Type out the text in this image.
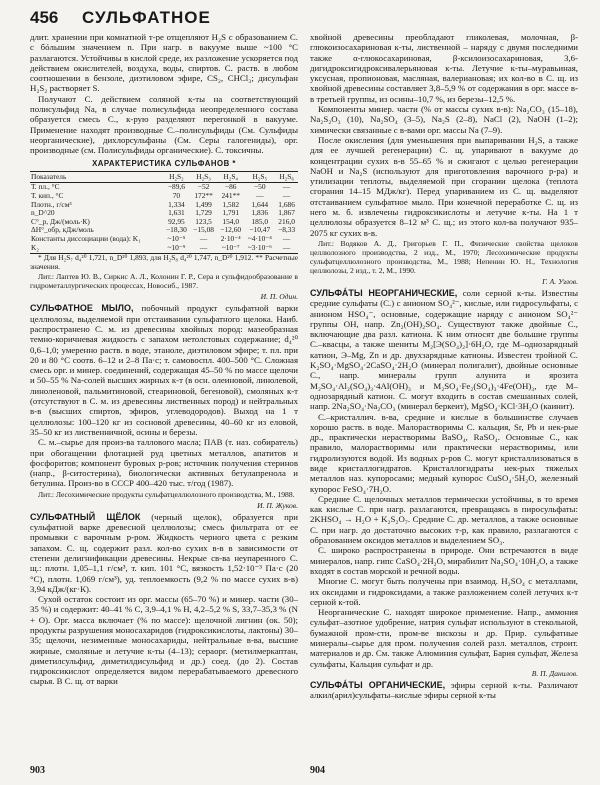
456 СУЛЬФАТНОЕ

длит. хранении при комнатной т-ре отщепляют H₂S с образованием С. с бóльшим значением n. При нагр. в вакууме выше ~100 °С разлагаются. Устойчивы в кислой среде, их разложение ускоряется под действием окислителей, воздуха, воды, спиртов. С. раств. в любом соотношении в бензоле, диэтиловом эфире, CS₂, CHCl₃; дисульфан H₂S₂ растворяет S.

Получают С. действием соляной к-ты на соответствующий полисульфид Na, в случае полисульфида неопределенного состава образуется смесь С., к-рую разделяют перегонкой в вакууме. Применение находят производные С.–полисульфиды (См. Сульфиды неорганические), дихлорсульфаны (См. Серы галогениды), орг. производные (см. Полисульфиды органические). С. токсичны.

ХАРАКТЕРИСТИКА СУЛЬФАНОВ *
Показатель	H₂S₂	H₂S₃	H₂S₄	H₂S₅	H₂S₆
Т. пл., °С	−89,6	−52	−86	−50	—
Т. кип., °С	70	172**	241**	—	—
Плотн., г/см³	1,334	1,499	1,582	1,644	1,686
n_D^20	1,631	1,729	1,791	1,836	1,867
C°_p, Дж/(моль·К)	92,95	123,5	154,0	185,0	216,0
ΔH°_обр, кДж/моль	−18,30	−15,08	−12,60	−10,47	−8,33
Константы диссоциации (вода): K₁	~10⁻⁵	—	2·10⁻⁴	~4·10⁻⁴	—
K₂	~10⁻⁹	—	~10⁻⁷	~3·10⁻⁶	—

* Для H₂S₇ d₄²⁰ 1,721, n_D²⁰ 1,893, для H₂S₈ d₄²⁰ 1,747, n_D²⁰ 1,912. ** Расчетные значения.

Лит.: Лаптев Ю. В., Сиркис А. Л., Колонин Г. Р., Сера и сульфидообразование в гидрометаллургических процессах, Новосиб., 1987.

И. П. Один.

СУЛЬФАТНОЕ МЫЛО, побочный продукт сульфатной варки целлюлозы, выделяемой при отстаивании сульфатного щелока. Наиб. распространено С. м. из древесины хвойных пород: мазеобразная темно-коричневая жидкость с запахом нетолстовых содержание; d₄²⁰ 0,6–1,0; умеренно раств. в воде, этаноле, диэтиловом эфире; т. пл. при 20 и 80 °С соотв. 6–12 и 2–8 Па·с; т. самовоспл. 400–500 °С. Сложная смесь орг. и минер. соединений, содержащая 45–50 % по массе щелочи и 50–55 % Na-солей высших жирных к-т (в осн. олеиновой, линолевой, линоленовой, пальмитиновой, стеариновой, бегеновой), смоляных к-т (отсутствуют в С. м. из древесины лиственных пород) и нейтральных в-в (высших спиртов, эфиров, углеводородов). Выход на 1 т целлюлозы: 100–120 кг из сосновой древесины, 40–60 кг из еловой, 35–50 кг из лиственничной, осины и березы.

С. м.–сырье для произ-ва таллового масла; ПАВ (т. наз. собиратель) при обогащении флотацией руд цветных металлов, апатитов и фосфоритов; компонент буровых р-ров; источник получения стеринов (напр., β-ситостерина), биологически активных бетулапренола и бетулина. Произ-во в СССР 400–420 тыс. т/год (1987).

Лит.: Лесохимические продукты сульфатцеллюлозного производства, М., 1988.

И. П. Жуков.

СУЛЬФАТНЫЙ ЩЁЛОК (черный щелок), образуется при сульфатной варке древесной целлюлозы; смесь фильтрата от ее промывки с варочным р-ром. Жидкость черного цвета с резким запахом. С. щ. содержит разл. кол-во сухих в-в в зависимости от степени делигнификации древесины. Некрые св-ва неупаренного С. щ.: плотн. 1,05–1,1 г/см³, т. кип. 101 °С, вязкость 1,52·10⁻³ Па·с (20 °С), плотн. 1,069 г/см³), уд. теплоемкость (9,2 % по массе сухих в-в) 3,94 кДж/(кг·К).

Сухой остаток состоит из орг. массы (65–70 %) и минер. части (30–35 %) и содержит: 40–41 % С, 3,9–4,1 % H, 4,2–5,2 % S, 33,7–35,3 % (N + O). Орг. масса включает (% по массе): щелочной лигнин (ок. 50); продукты разрушения моносахаридов (гидроксикислоты, лактоны) 30–35; щелочи, незименные моносахариды, нейтральные в-ва, высшие жирные, смоляные и летучие к-ты (4–13); сераорг. (метилмеркаптан, диметилсульфид, диметилдисульфид и др.) соед. (до 2). Состав гидроксикислот определяется видом перерабатываемого древесного сырья. В С. щ. от варки

хвойной древесины преобладают гликолевая, молочная, β-глюкоизосахариновая к-ты, лиственной – наряду с двумя последними также α-глюкосахариновая, β-ксилоизосахариновая, 3,6-дигидроксигидроксивалерьяновая к-ты. Летучие к-ты–муравьиная, уксусная, пропионовая, масляная, валериановая; их кол-во в С. щ. из хвойной древесины составляет 3,8–5,9 % от содержания в орг. массе в-в третьей группы, из осины–10,7 %, из березы–12,5 %.

Компоненты минер. части (% от массы сухих в-в): Na₂CO₃ (15–18), Na₂S₂O₃ (10), Na₂SO₄ (3–5), Na₂S (2–8), NaCl (2), NaOH (1–2); химически связанные с в-вами орг. массы Na (7–9).

После окисления (для уменьшения при выпаривании H₂S, а также для ее лучшей регенерации) С. щ. упаривают в вакууме до концентрации сухих в-в 55–65 % и сжигают с целью регенерации NaOH и Na₂S (используют для приготовления варочного р-ра) и утилизации теплоты, выделяемой при сгорании щелока (теплота сгорания 14–15 МДж/кг). Перед упариванием из С. щ. выделяют отстаиванием сульфатное мыло. При конечной переработке С. щ. из него м. б. извлечены гидроксикислоты и летучие к-ты. На 1 т целлюлозы образуется 8–12 м³ С. щ.; из этого кол-ва получают 935–2075 кг сухих в-в.

Лит.: Водяков А. Д., Григорьев Г. П., Физические свойства щелоков целлюлозного производства, 2 изд., М., 1970; Лесохимические продукты сульфатцеллюлозного производства, М., 1988; Непенин Ю. Н., Технология целлюлозы, 2 изд., т. 2, М., 1990.

Г. А. Узлов.

СУЛЬФА́ТЫ НЕОРГАНИЧЕСКИЕ, соли серной к-ты. Известны средние сульфаты (С.) с анионом SO₄²⁻, кислые, или гидросульфаты, с анионом HSO₄⁻, основные, содержащие наряду с анионом SO₄²⁻ группы OH, напр. Zn₂(OH)₂SO₄. Существуют также двойные С., включающие два разл. катиона. К ним относят две большие группы С.–квасцы, а также шениты M₂[Э(SO₄)₂]·6H₂O, где M–однозарядный катион, Э–Mg, Zn и др. двухзарядные катионы. Известен тройной С. K₂SO₄·MgSO₄·2CaSO₄·2H₂O (минерал полигалит), двойные основные С., напр. минералы групп алунита и ярозита M₂SO₄·Al₂(SO₄)₃·4Al(OH)₃ и M₂SO₄·Fe₂(SO₄)₃·4Fe(OH)₃, где M–однозарядный катион. С. могут входить в состав смешанных солей, напр. 2Na₂SO₄·Na₂CO₃ (минерал беркеит), MgSO₄·KCl·3H₂O (каинит).

С.–кристаллич. в-ва, средние и кислые в большинстве случаев хорошо раств. в воде. Малорастворимы С. кальция, Sr, Pb и нек-рые др., практически нерастворимы BaSO₄, RaSO₄. Основные С., как правило, малорастворимы или практически нерастворимы, или гидролизуются водой. Из водных р-ров С. могут кристаллизоваться в виде кристаллогидратов. Кристаллогидраты нек-рых тяжелых металлов наз. купоросами; медный купорос CuSO₄·5H₂O, железный купорос FeSO₄·7H₂O.

Средние С. щелочных металлов термически устойчивы, в то время как кислые С. при нагр. разлагаются, превращаясь в пиросульфаты: 2KHSO₄ → H₂O + K₂S₂O₇. Средние С. др. металлов, а также основные С. при нагр. до достаточно высоких т-р, как правило, разлагаются с образованием оксидов металлов и выделением SO₃.

С. широко распространены в природе. Они встречаются в виде минералов, напр. гипс CaSO₄·2H₂O, мирабилит Na₂SO₄·10H₂O, а также входят в состав морской и речной воды.

Многие С. могут быть получены при взаимод. H₂SO₄ с металлами, их оксидами и гидроксидами, а также разложением солей летучих к-т серной к-той.

Неорганические С. находят широкое применение. Напр., аммония сульфат–азотное удобрение, натрия сульфат используют в стекольной, бумажной пром-сти, пром-ве вискозы и др. Прир. сульфатные минералы–сырье для пром. получения солей разл. металлов, строит. материалов и др. См. также Алюминия сульфат, Бария сульфат, Железа сульфаты, Кальция сульфат и др.

В. П. Данилов.

СУЛЬФА́ТЫ ОРГАНИЧЕСКИЕ, эфиры серной к-ты. Различают алкил(арил)сульфаты–кислые эфиры серной к-ты

903	904
